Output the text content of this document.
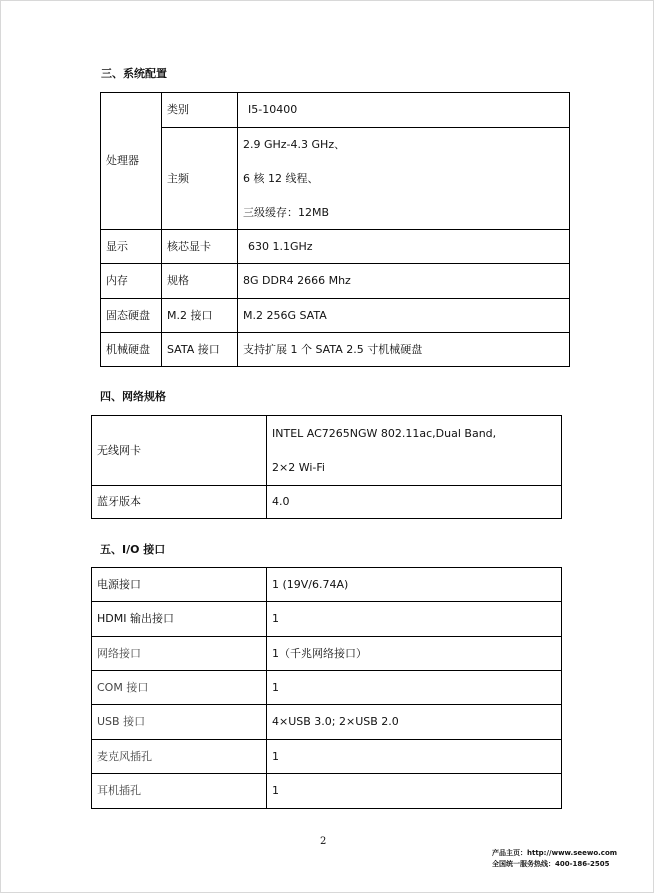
三、系统配置
处理器	类别	I5-10400
	主频	2.9 GHz-4.3 GHz、
6 核 12 线程、
三级缓存：12MB

显示	核芯显卡	630 1.1GHz
内存	规格	8G DDR4 2666 Mhz
固态硬盘	M.2 接口	M.2 256G SATA
机械硬盘	SATA 接口	支持扩展 1 个 SATA 2.5 寸机械硬盘
四、网络规格
无线网卡	INTEL AC7265NGW 802.11ac,Dual Band,
2×2 Wi-Fi

蓝牙版本	4.0
五、I/O 接口
电源接口	1 (19V/6.74A)
HDMI 输出接口	1
网络接口	1（千兆网络接口）
COM 接口	1
USB 接口	4×USB 3.0; 2×USB 2.0
麦克风插孔	1
耳机插孔	1
2
产品主页：http://www.seewo.com
全国统一服务热线：400-186-2505
